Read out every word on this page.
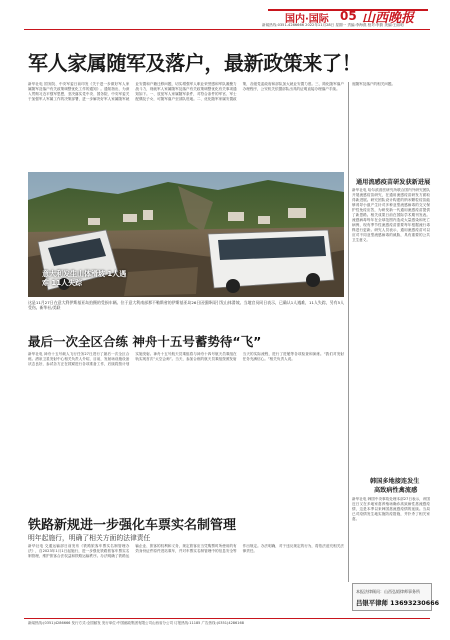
国内·国际 05 山西晚报
新闻热线:0351-4286666 2022年11月28日 星期一 责编:李海燕 校对:李蔚 美编:王丽明
军人家属随军及落户，最新政策来了！
新华社电 国务院、中央军委日前印发《关于进一步做好军人家属随军及落户有关政策调整优化工作的通知》。通知指出，为深入贯彻习近平强军思想，坚决落实党中央、国务院、中央军委关于加强军人军属工作的决策部署，进一步解决好军人家属随军就业安置和户籍迁移问题，切实增强军人职业荣誉感和军队凝聚力战斗力，现就军人家属随军及落户有关政策调整优化有关事项通知如下。一、放宽军人家属随军条件，对符合条件的军官、军士配偶及子女，可随军落户至部队驻地。二、优化随军家属安置政策，各级党委政府和部队加大就业安置力度。三、简化随军落户办理程序，公安机关依据部队出具的证明直接办理落户手续。
庭随军及落户的相关问题。
通用流感疫苗研发获新进展
新华社电 哈尔滨兽医研究所联合国内外研究团队开展流感疫苗研究，在通用流感疫苗研发方面取得新进展。研究团队设计构建的纳米颗粒疫苗能够诱导小鼠产生针对多种亚型流感病毒的交叉保护性免疫应答，为研发新一代通用流感疫苗提供了新思路。相关成果日前在国际学术期刊发表。流感病毒每年在全球范围内造成大量感染和死亡病例，现有季节性流感疫苗需要每年根据流行毒株进行更新。研究人员表示，通用流感疫苗可以应对不同亚型流感病毒的威胁，具有重要的公共卫生意义。
韩国多地接连发生
高致病性禽流感
新华社电 韩国中央事故处理本部27日表示，该国近日又在多地家禽养殖场确诊高致病性禽流感疫情，这是本季以来韩国禽流感疫情的延续。当局已对疫情发生地实施防疫措施，并扑杀了相关家禽。
本报法律顾问：山西弘韬律师事务所
吕银平律师 13693230666
意大利发生山体滑坡 1人遇难 11人失踪
这是11月27日在意大利伊斯基亚岛拍摄的受损车辆。位于意大利南部那不勒斯省的伊斯基亚岛26日因强降雨引发山体滑坡。当地官员同日表示，已确认1人遇难，11人失踪，另有5人受伤。新华社/美联
最后一次全区合练 神舟十五号蓄势待“飞”
新华社电 神舟十五号载人飞行任务27日进行了最后一次全区合练。酒泉卫星发射中心相关负责人介绍，目前，发射场设施设备状态良好，参试各方正在抓紧进行各项准备工作，后续将按计划实施发射。神舟十五号航天员乘组将与神舟十四号航天员乘组在轨实现首次“太空会师”。当天，参加合练的航天员乘组按照发射当天的实际流程，进行了进舱等各项检查和演练。“我们对发射任务充满信心。”相关负责人说。
铁路新规进一步强化车票实名制管理
明年起施行，明确了相关方面的法律责任
新华社电 交通运输部日前发布《铁路旅客车票实名制管理办法》，自2023年1月1日起施行，进一步强化铁路旅客车票实名制管理，维护旅客合法权益和铁路运输秩序。办法明确了铁路运输企业、旅客的权利和义务，规定旅客应当凭购票时所使用的有效身份证件原件进站乘车，并对车票实名制管理中的信息安全等作出规定。办法明确，对于违反规定的行为，将依法追究相关法律责任。
新闻热线:(0351)4286666 发行方式:全国邮发 发行单位:中国邮政集团有限公司山西省分公司 订报热线:11185 广告热线:(0351)4286168
